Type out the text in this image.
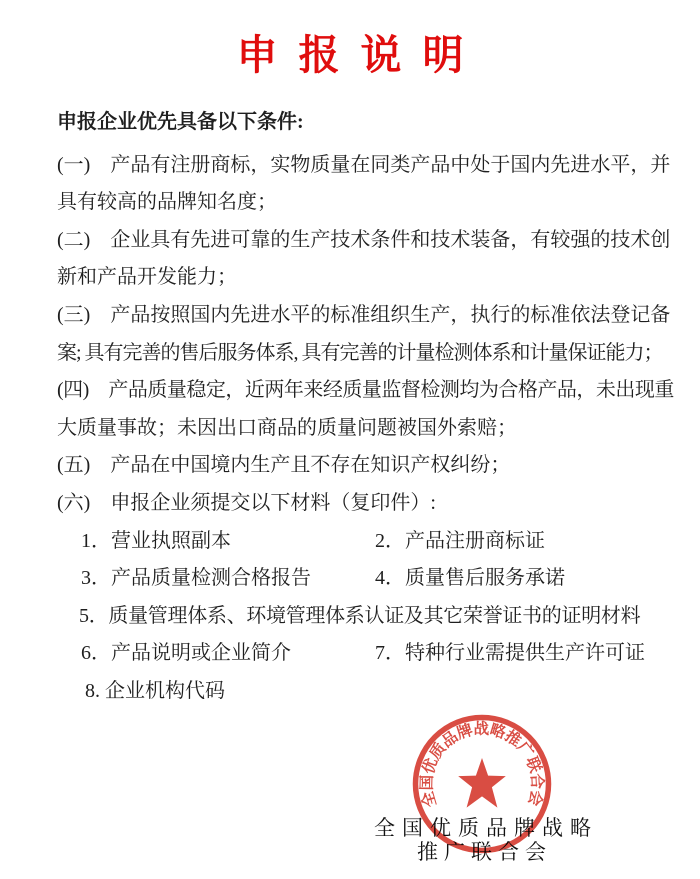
申报说明
申报企业优先具备以下条件:
(一)　产品有注册商标，实物质量在同类产品中处于国内先进水平，并
具有较高的品牌知名度；
(二)　企业具有先进可靠的生产技术条件和技术装备，有较强的技术创
新和产品开发能力；
(三)　产品按照国内先进水平的标准组织生产，执行的标准依法登记备
案; 具有完善的售后服务体系, 具有完善的计量检测体系和计量保证能力；
(四)　产品质量稳定，近两年来经质量监督检测均为合格产品，未出现重
大质量事故；未因出口商品的质量问题被国外索赔；
(五)　产品在中国境内生产且不存在知识产权纠纷；
(六)　申报企业须提交以下材料（复印件）:
1．营业执照副本	2．产品注册商标证
3．产品质量检测合格报告	4．质量售后服务承诺
5．质量管理体系、环境管理体系认证及其它荣誉证书的证明材料
6．产品说明或企业简介	7．特种行业需提供生产许可证
8. 企业机构代码
全国优质品牌战略
推广联合会
全国优质品牌战略推广联合会
